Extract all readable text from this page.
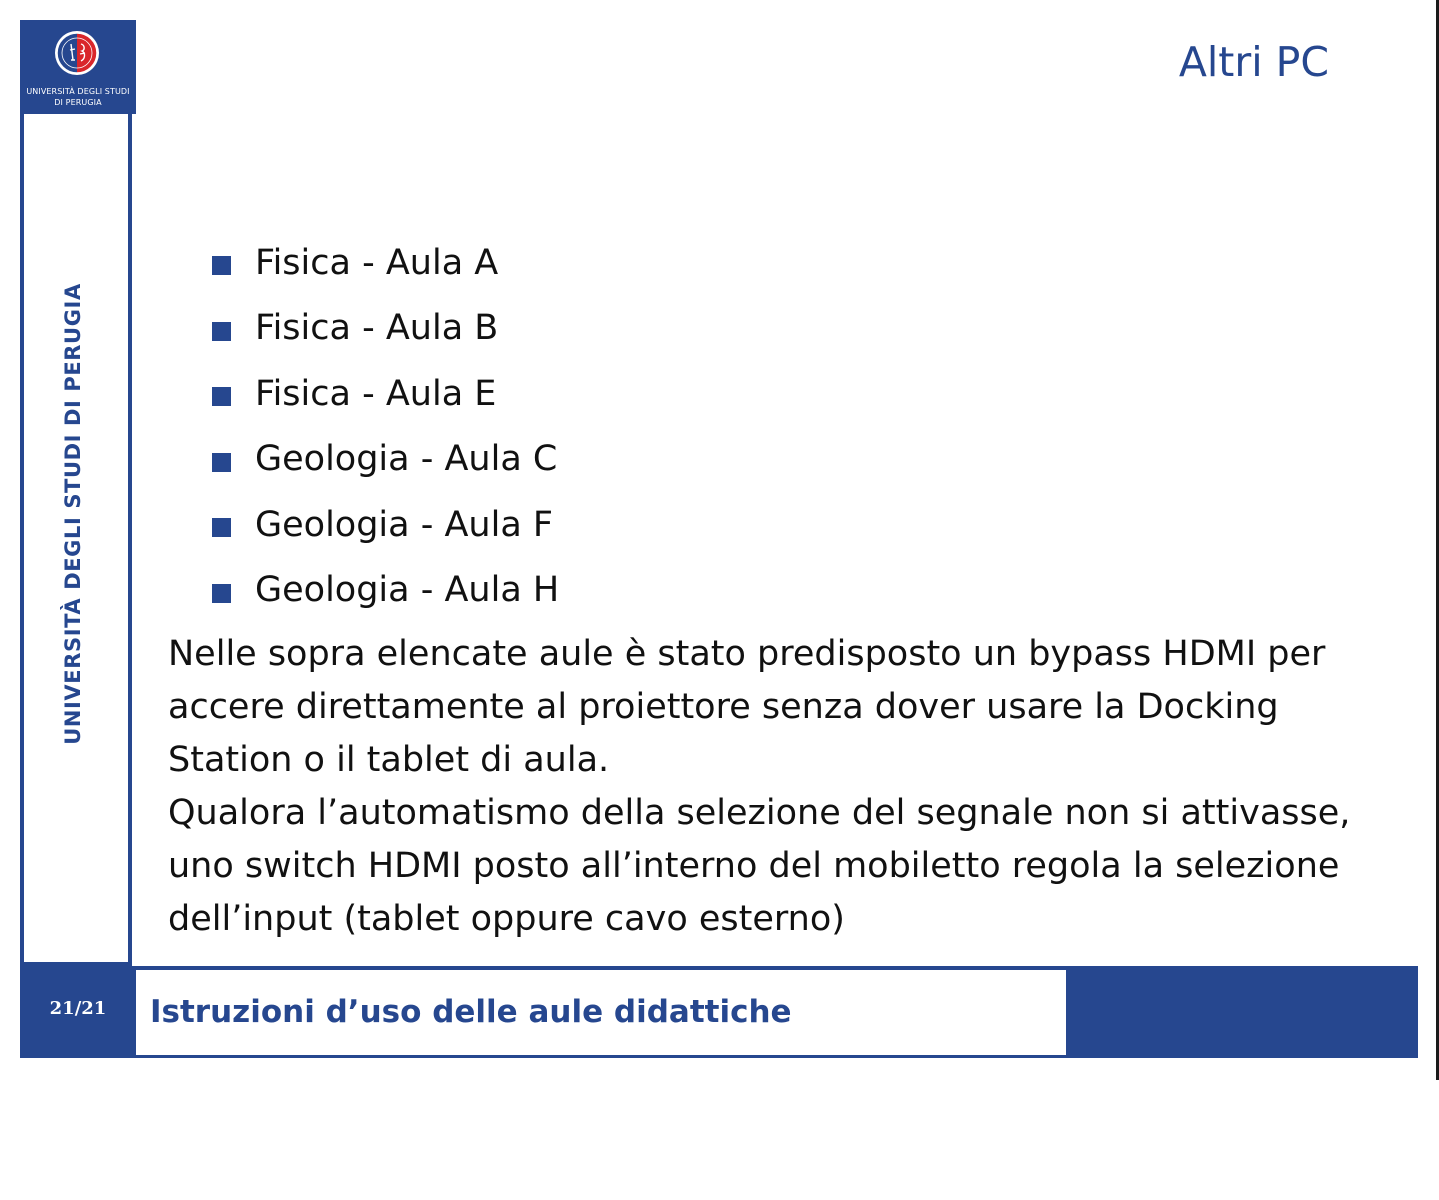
UNIVERSITÀ DEGLI STUDI
DI PERUGIA
UNIVERSITÀ DEGLI STUDI DI PERUGIA
Altri PC
Fisica - Aula A
Fisica - Aula B
Fisica - Aula E
Geologia - Aula C
Geologia - Aula F
Geologia - Aula H

Nelle sopra elencate aule è stato predisposto un bypass HDMI per accere direttamente al proiettore senza dover usare la Docking Station o il tablet di aula.

Qualora l’automatismo della selezione del segnale non si attivasse, uno switch HDMI posto all’interno del mobiletto regola la selezione dell’input (tablet oppure cavo esterno)

Istruzioni d’uso delle aule didattiche
21/21
